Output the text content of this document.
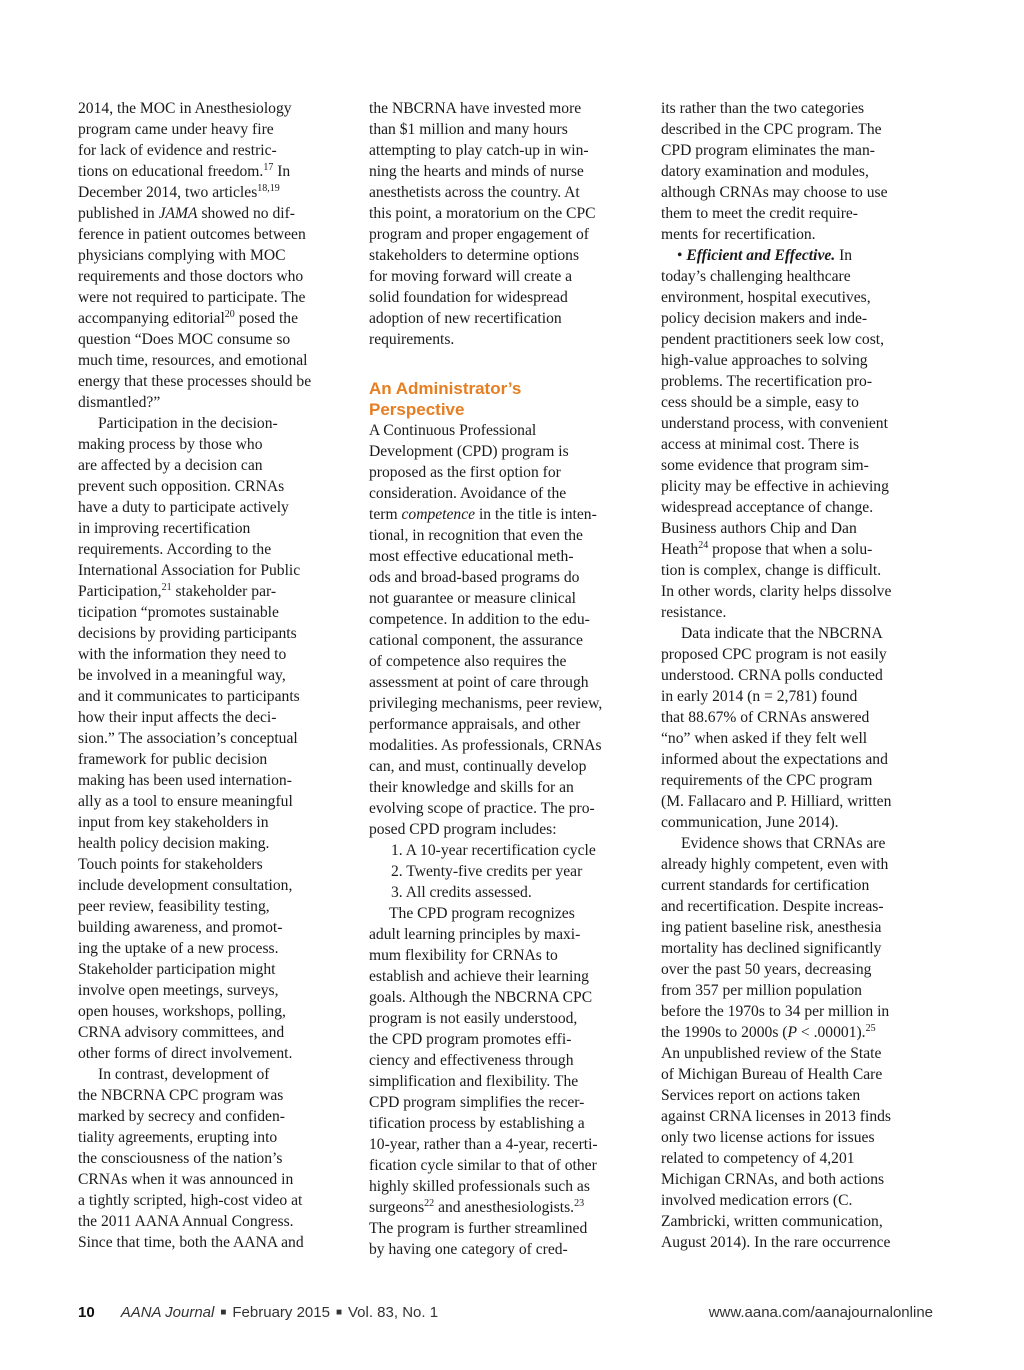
2014, the MOC in Anesthesiology
program came under heavy fire
for lack of evidence and restric-
tions on educational freedom.$^{17}$ In
December 2014, two articles$^{18,19}$
published in JAMA showed no dif-
ference in patient outcomes between
physicians complying with MOC
requirements and those doctors who
were not required to participate. The
accompanying editorial$^{20}$ posed the
question “Does MOC consume so
much time, resources, and emotional
energy that these processes should be
dismantled?”

Participation in the decision-
making process by those who
are affected by a decision can
prevent such opposition. CRNAs
have a duty to participate actively
in improving recertification
requirements. According to the
International Association for Public
Participation,$^{21}$ stakeholder par-
ticipation “promotes sustainable
decisions by providing participants
with the information they need to
be involved in a meaningful way,
and it communicates to participants
how their input affects the deci-
sion.” The association’s conceptual
framework for public decision
making has been used internation-
ally as a tool to ensure meaningful
input from key stakeholders in
health policy decision making.
Touch points for stakeholders
include development consultation,
peer review, feasibility testing,
building awareness, and promot-
ing the uptake of a new process.
Stakeholder participation might
involve open meetings, surveys,
open houses, workshops, polling,
CRNA advisory committees, and
other forms of direct involvement.

In contrast, development of
the NBCRNA CPC program was
marked by secrecy and confiden-
tiality agreements, erupting into
the consciousness of the nation’s
CRNAs when it was announced in
a tightly scripted, high-cost video at
the 2011 AANA Annual Congress.
Since that time, both the AANA and

the NBCRNA have invested more
than $1 million and many hours
attempting to play catch-up in win-
ning the hearts and minds of nurse
anesthetists across the country. At
this point, a moratorium on the CPC
program and proper engagement of
stakeholders to determine options
for moving forward will create a
solid foundation for widespread
adoption of new recertification
requirements.

An Administrator’s
Perspective

A Continuous Professional
Development (CPD) program is
proposed as the first option for
consideration. Avoidance of the
term competence in the title is inten-
tional, in recognition that even the
most effective educational meth-
ods and broad-based programs do
not guarantee or measure clinical
competence. In addition to the edu-
cational component, the assurance
of competence also requires the
assessment at point of care through
privileging mechanisms, peer review,
performance appraisals, and other
modalities. As professionals, CRNAs
can, and must, continually develop
their knowledge and skills for an
evolving scope of practice. The pro-
posed CPD program includes:

1. A 10-year recertification cycle
2. Twenty-five credits per year
3. All credits assessed.

The CPD program recognizes
adult learning principles by maxi-
mum flexibility for CRNAs to
establish and achieve their learning
goals. Although the NBCRNA CPC
program is not easily understood,
the CPD program promotes effi-
ciency and effectiveness through
simplification and flexibility. The
CPD program simplifies the recer-
tification process by establishing a
10-year, rather than a 4-year, recerti-
fication cycle similar to that of other
highly skilled professionals such as
surgeons$^{22}$ and anesthesiologists.$^{23}$
The program is further streamlined
by having one category of cred-

its rather than the two categories
described in the CPC program. The
CPD program eliminates the man-
datory examination and modules,
although CRNAs may choose to use
them to meet the credit require-
ments for recertification.

• Efficient and Effective. In
today’s challenging healthcare
environment, hospital executives,
policy decision makers and inde-
pendent practitioners seek low cost,
high-value approaches to solving
problems. The recertification pro-
cess should be a simple, easy to
understand process, with convenient
access at minimal cost. There is
some evidence that program sim-
plicity may be effective in achieving
widespread acceptance of change.
Business authors Chip and Dan
Heath$^{24}$ propose that when a solu-
tion is complex, change is difficult.
In other words, clarity helps dissolve
resistance.

Data indicate that the NBCRNA
proposed CPC program is not easily
understood. CRNA polls conducted
in early 2014 (n = 2,781) found
that 88.67% of CRNAs answered
“no” when asked if they felt well
informed about the expectations and
requirements of the CPC program
(M. Fallacaro and P. Hilliard, written
communication, June 2014).

Evidence shows that CRNAs are
already highly competent, even with
current standards for certification
and recertification. Despite increas-
ing patient baseline risk, anesthesia
mortality has declined significantly
over the past 50 years, decreasing
from 357 per million population
before the 1970s to 34 per million in
the 1990s to 2000s (P < .00001).$^{25}$
An unpublished review of the State
of Michigan Bureau of Health Care
Services report on actions taken
against CRNA licenses in 2013 finds
only two license actions for issues
related to competency of 4,201
Michigan CRNAs, and both actions
involved medication errors (C.
Zambricki, written communication,
August 2014). In the rare occurrence

10 AANA Journal ■ February 2015 ■ Vol. 83, No. 1	www.aana.com/aanajournalonline
